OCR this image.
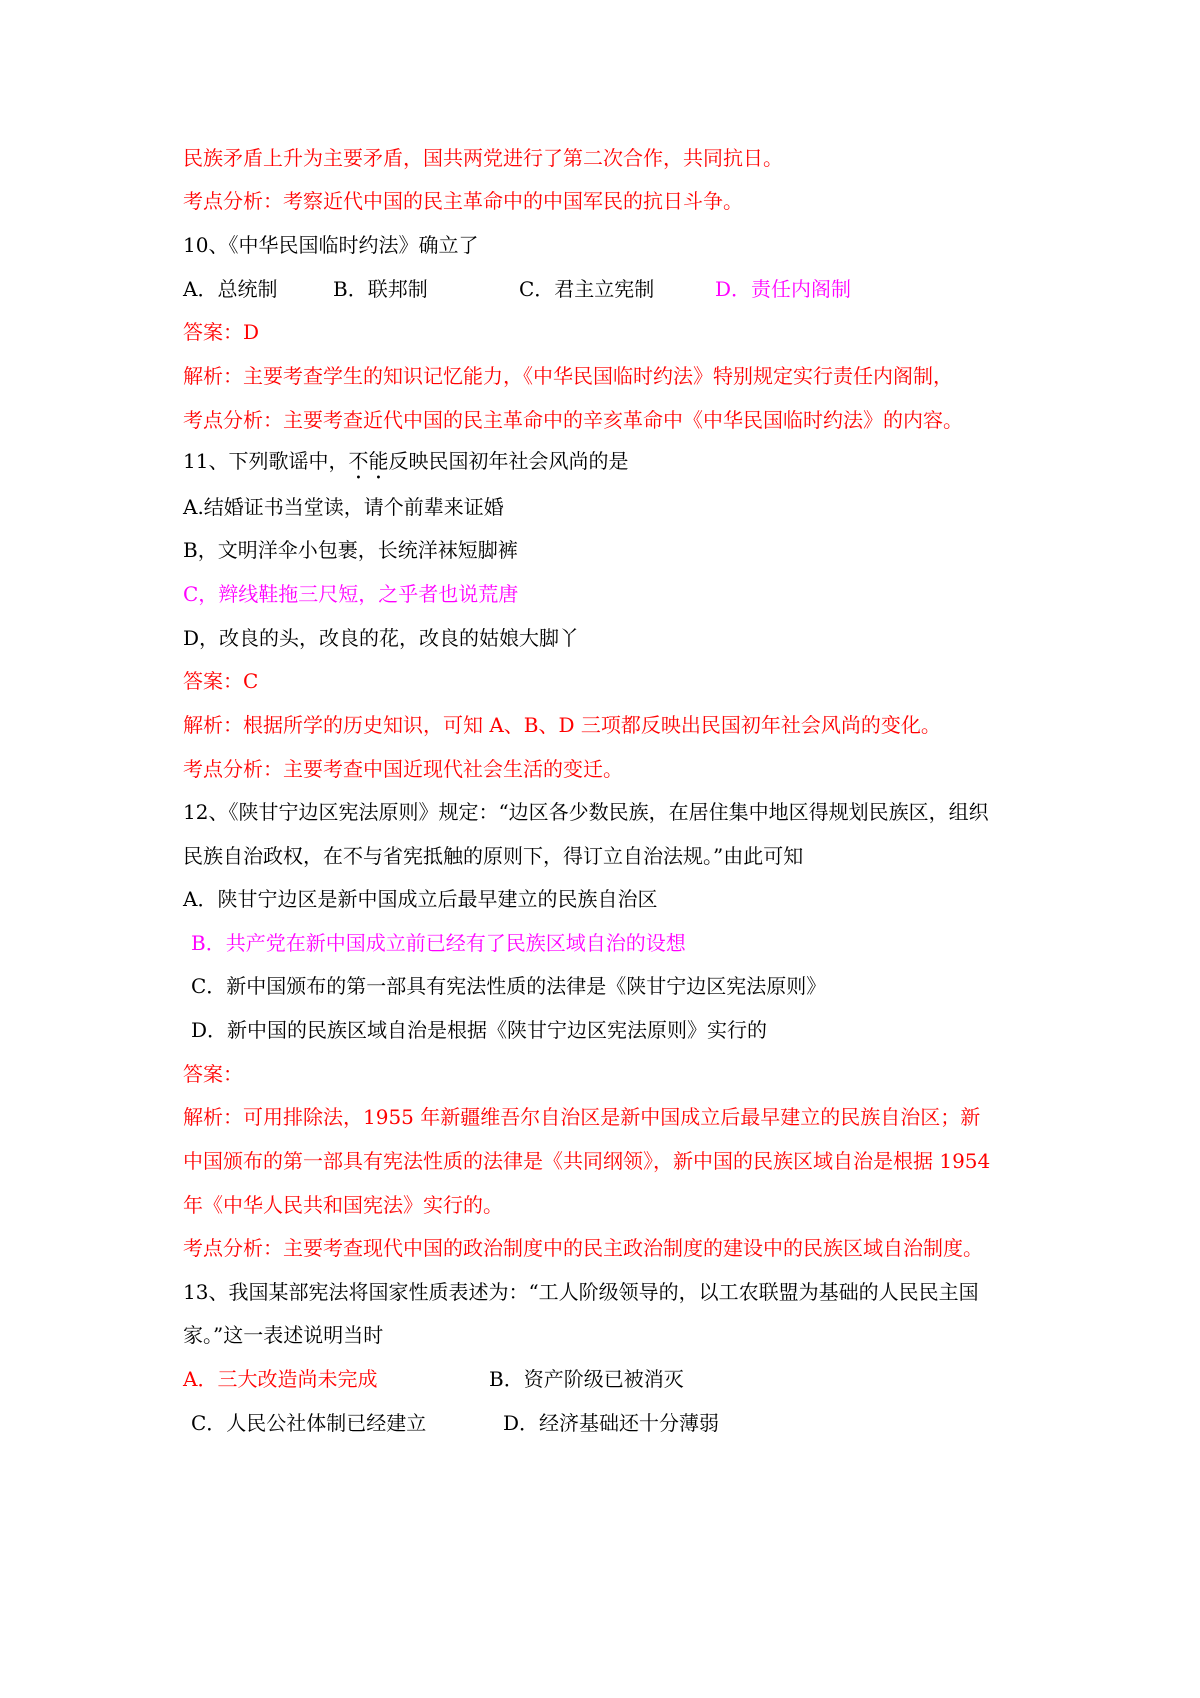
民族矛盾上升为主要矛盾，国共两党进行了第二次合作，共同抗日。
考点分析：考察近代中国的民主革命中的中国军民的抗日斗争。
10、《中华民国临时约法》确立了
A．总统制	B．联邦制	C．君主立宪制	D．责任内阁制
答案：D
解析：主要考查学生的知识记忆能力，《中华民国临时约法》特别规定实行责任内阁制，
考点分析：主要考查近代中国的民主革命中的辛亥革命中《中华民国临时约法》的内容。
11、下列歌谣中，不能反映民国初年社会风尚的是
A.结婚证书当堂读，请个前辈来证婚
B，文明洋伞小包裹，长统洋袜短脚裤
C，辫线鞋拖三尺短，之乎者也说荒唐
D，改良的头，改良的花，改良的姑娘大脚丫
答案：C
解析：根据所学的历史知识，可知 A、B、D 三项都反映出民国初年社会风尚的变化。
考点分析：主要考查中国近现代社会生活的变迁。
12、《陕甘宁边区宪法原则》规定：“边区各少数民族，在居住集中地区得规划民族区，组织
民族自治政权，在不与省宪抵触的原则下，得订立自治法规。”由此可知
A．陕甘宁边区是新中国成立后最早建立的民族自治区
B．共产党在新中国成立前已经有了民族区域自治的设想
C．新中国颁布的第一部具有宪法性质的法律是《陕甘宁边区宪法原则》
D．新中国的民族区域自治是根据《陕甘宁边区宪法原则》实行的
答案：
解析：可用排除法，1955 年新疆维吾尔自治区是新中国成立后最早建立的民族自治区；新
中国颁布的第一部具有宪法性质的法律是《共同纲领》，新中国的民族区域自治是根据 1954
年《中华人民共和国宪法》实行的。
考点分析：主要考查现代中国的政治制度中的民主政治制度的建设中的民族区域自治制度。
13、我国某部宪法将国家性质表述为：“工人阶级领导的，以工农联盟为基础的人民民主国
家。”这一表述说明当时
A．三大改造尚未完成	B．资产阶级已被消灭
C．人民公社体制已经建立	D．经济基础还十分薄弱
